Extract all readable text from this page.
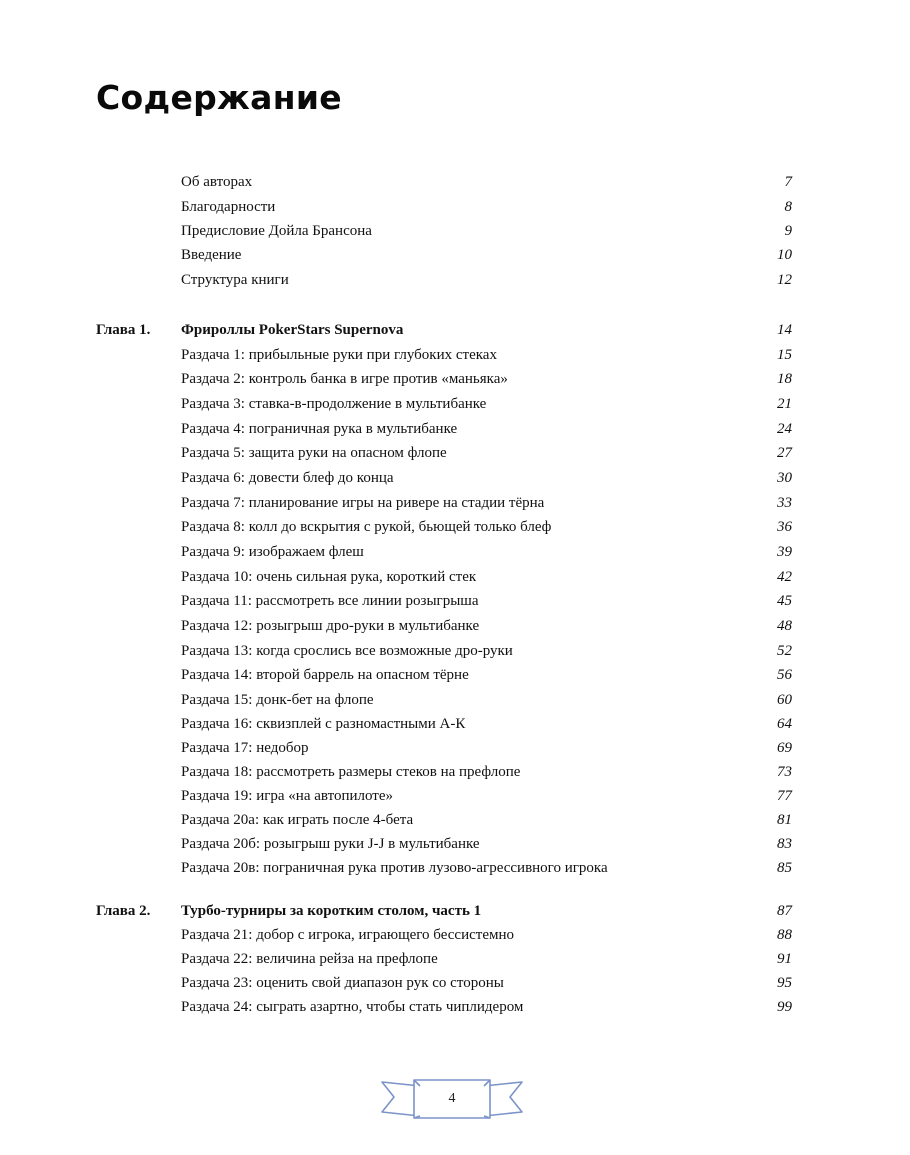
Содержание
Об авторах	7
Благодарности	8
Предисловие Дойла Брансона	9
Введение	10
Структура книги	12
Глава 1. Фрироллы PokerStars Supernova	14
Раздача 1: прибыльные руки при глубоких стеках	15
Раздача 2: контроль банка в игре против «маньяка»	18
Раздача 3: ставка-в-продолжение в мультибанке	21
Раздача 4: пограничная рука в мультибанке	24
Раздача 5: защита руки на опасном флопе	27
Раздача 6: довести блеф до конца	30
Раздача 7: планирование игры на ривере на стадии тёрна	33
Раздача 8: колл до вскрытия с рукой, бьющей только блеф	36
Раздача 9: изображаем флеш	39
Раздача 10: очень сильная рука, короткий стек	42
Раздача 11: рассмотреть все линии розыгрыша	45
Раздача 12: розыгрыш дро-руки в мультибанке	48
Раздача 13: когда срослись все возможные дро-руки	52
Раздача 14: второй баррель на опасном тёрне	56
Раздача 15: донк-бет на флопе	60
Раздача 16: сквизплей с разномастными А-К	64
Раздача 17: недобор	69
Раздача 18: рассмотреть размеры стеков на префлопе	73
Раздача 19: игра «на автопилоте»	77
Раздача 20а: как играть после 4-бета	81
Раздача 20б: розыгрыш руки J-J в мультибанке	83
Раздача 20в: пограничная рука против лузово-агрессивного игрока	85
Глава 2. Турбо-турниры за коротким столом, часть 1	87
Раздача 21: добор с игрока, играющего бессистемно	88
Раздача 22: величина рейза на префлопе	91
Раздача 23: оценить свой диапазон рук со стороны	95
Раздача 24: сыграть азартно, чтобы стать чиплидером	99
4
